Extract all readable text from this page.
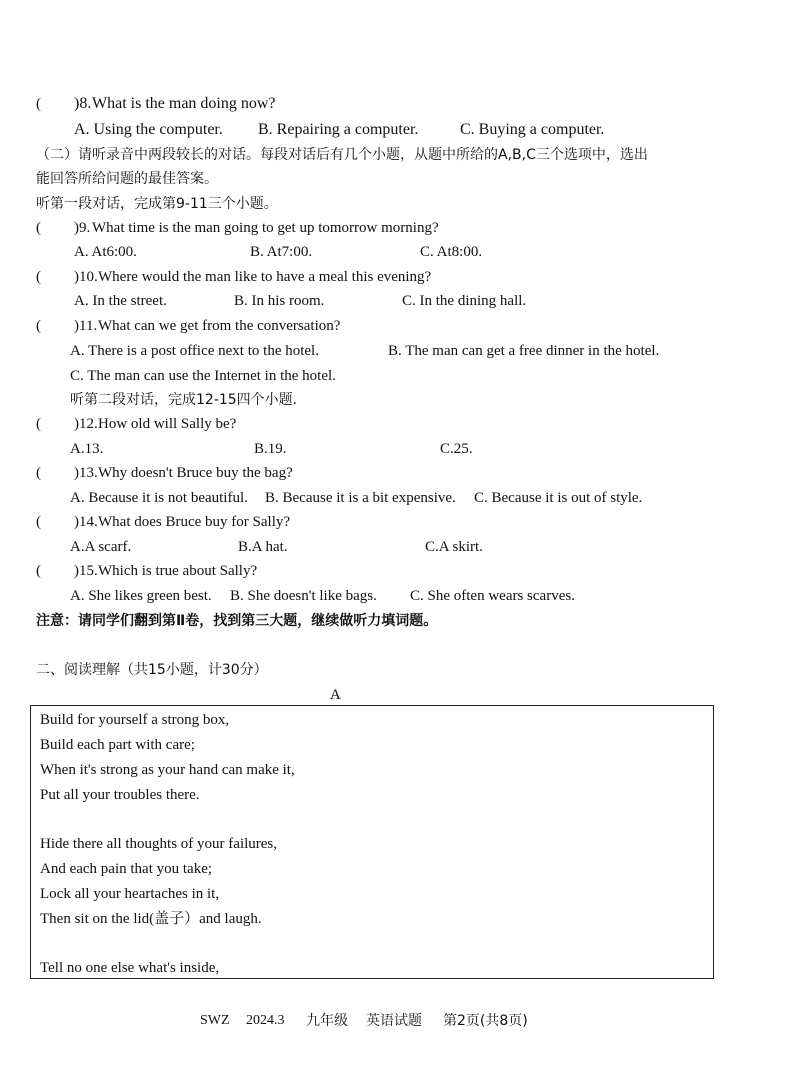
( )8. What is the man doing now?
A. Using the computer. B. Repairing a computer.	C. Buying a computer.
（二）请听录音中两段较长的对话。每段对话后有几个小题，从题中所给的A,B,C三个选项中，选出
能回答所给问题的最佳答案。
听第一段对话，完成第9-11三个小题。
( )9. What time is the man going to get up tomorrow morning?
A. At6:00.	B. At7:00.	C. At8:00.
( )10. Where would the man like to have a meal this evening?
A. In the street.	B. In his room.	C. In the dining hall.
( )11. What can we get from the conversation?
A. There is a post office next to the hotel.	B. The man can get a free dinner in the hotel.
C. The man can use the Internet in the hotel.
听第二段对话，完成12-15四个小题.
( )12. How old will Sally be?
A.13.	B.19.	C.25.
( )13. Why doesn't Bruce buy the bag?
A. Because it is not beautiful. B. Because it is a bit expensive. C. Because it is out of style.
( )14. What does Bruce buy for Sally?
A.A scarf.	B.A hat.	C.A skirt.
( )15. Which is true about Sally?
A. She likes green best. B. She doesn't like bags. C. She often wears scarves.
注意：请同学们翻到第Ⅱ卷，找到第三大题，继续做听力填词题。
二、阅读理解（共15小题，计30分）
A
Build for yourself a strong box,
Build each part with care;
When it's strong as your hand can make it,
Put all your troubles there.
Hide there all thoughts of your failures,
And each pain that you take;
Lock all your heartaches in it,
Then sit on the lid(盖子）and laugh.
Tell no one else what's inside,
SWZ 2024.3 九年级 英语试题 第2页(共8页)
